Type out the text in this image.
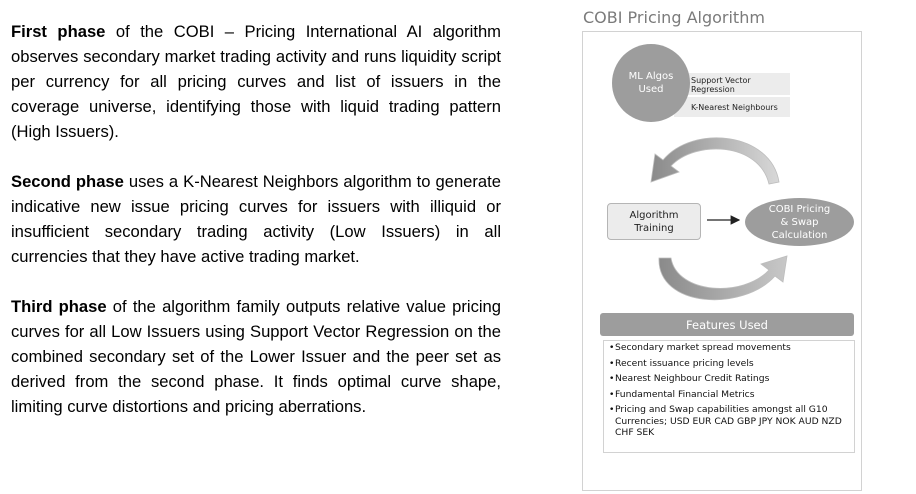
First phase of the COBI – Pricing International AI algorithm observes secondary market trading activity and runs liquidity script per currency for all pricing curves and list of issuers in the coverage universe, identifying those with liquid trading pattern (High Issuers).

Second phase uses a K-Nearest Neighbors algorithm to generate indicative new issue pricing curves for issuers with illiquid or insufficient secondary trading activity (Low Issuers) in all currencies that they have active trading market.

Third phase of the algorithm family outputs relative value pricing curves for all Low Issuers using Support Vector Regression on the combined secondary set of the Lower Issuer and the peer set as derived from the second phase. It finds optimal curve shape, limiting curve distortions and pricing aberrations.

COBI Pricing Algorithm
Support Vector
Regression
K-Nearest Neighbours
ML Algos
Used
Algorithm
Training
COBI Pricing
& Swap
Calculation
Features Used
•Secondary market spread movements
•Recent issuance pricing levels
•Nearest Neighbour Credit Ratings
•Fundamental Financial Metrics
•Pricing and Swap capabilities amongst all G10 Currencies; USD EUR CAD GBP JPY NOK AUD NZD CHF SEK
